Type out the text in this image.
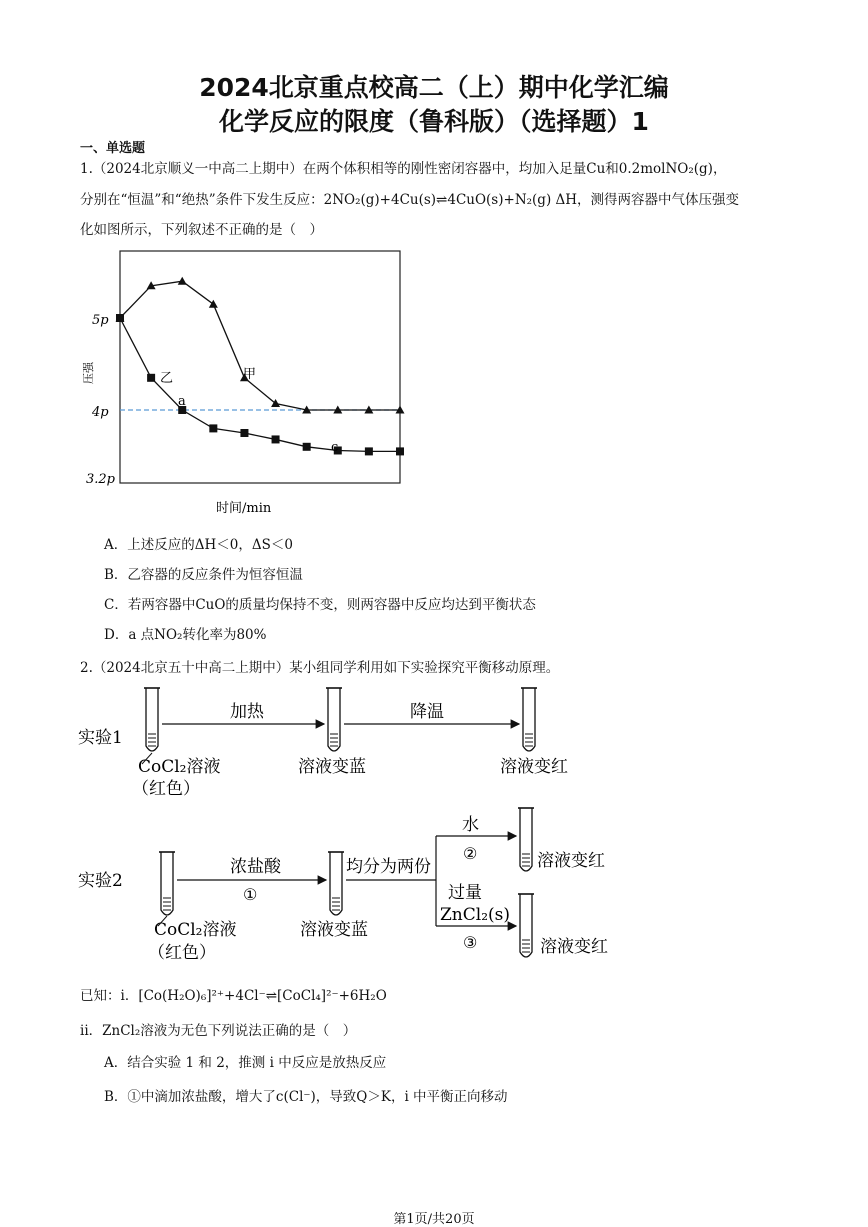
2024北京重点校高二（上）期中化学汇编
化学反应的限度（鲁科版）（选择题）1
一、单选题
1.（2024北京顺义一中高二上期中）在两个体积相等的刚性密闭容器中，均加入足量Cu和0.2molNO₂(g)，
分别在“恒温”和“绝热”条件下发生反应：2NO₂(g)+4Cu(s)⇌4CuO(s)+N₂(g) ΔH，测得两容器中气体压强变
化如图所示，下列叙述不正确的是（　）
5p
4p
3.2p
压强
时间/min
甲
乙
a
c
A．上述反应的ΔH＜0，ΔS＜0
B．乙容器的反应条件为恒容恒温
C．若两容器中CuO的质量均保持不变，则两容器中反应均达到平衡状态
D．a 点NO₂转化率为80%
2.（2024北京五十中高二上期中）某小组同学利用如下实验探究平衡移动原理。
实验1
加热	降温
CoCl₂溶液
（红色）
溶液变蓝	溶液变红
实验2
浓盐酸
①
均分为两份
水
②
过量
ZnCl₂(s)
③
CoCl₂溶液
（红色）
溶液变蓝
溶液变红
溶液变红
已知：i．[Co(H₂O)₆]²⁺+4Cl⁻⇌[CoCl₄]²⁻+6H₂O
ii．ZnCl₂溶液为无色下列说法正确的是（　）
A．结合实验 1 和 2，推测 i 中反应是放热反应
B．①中滴加浓盐酸，增大了c(Cl⁻)，导致Q＞K，i 中平衡正向移动
第1页/共20页
